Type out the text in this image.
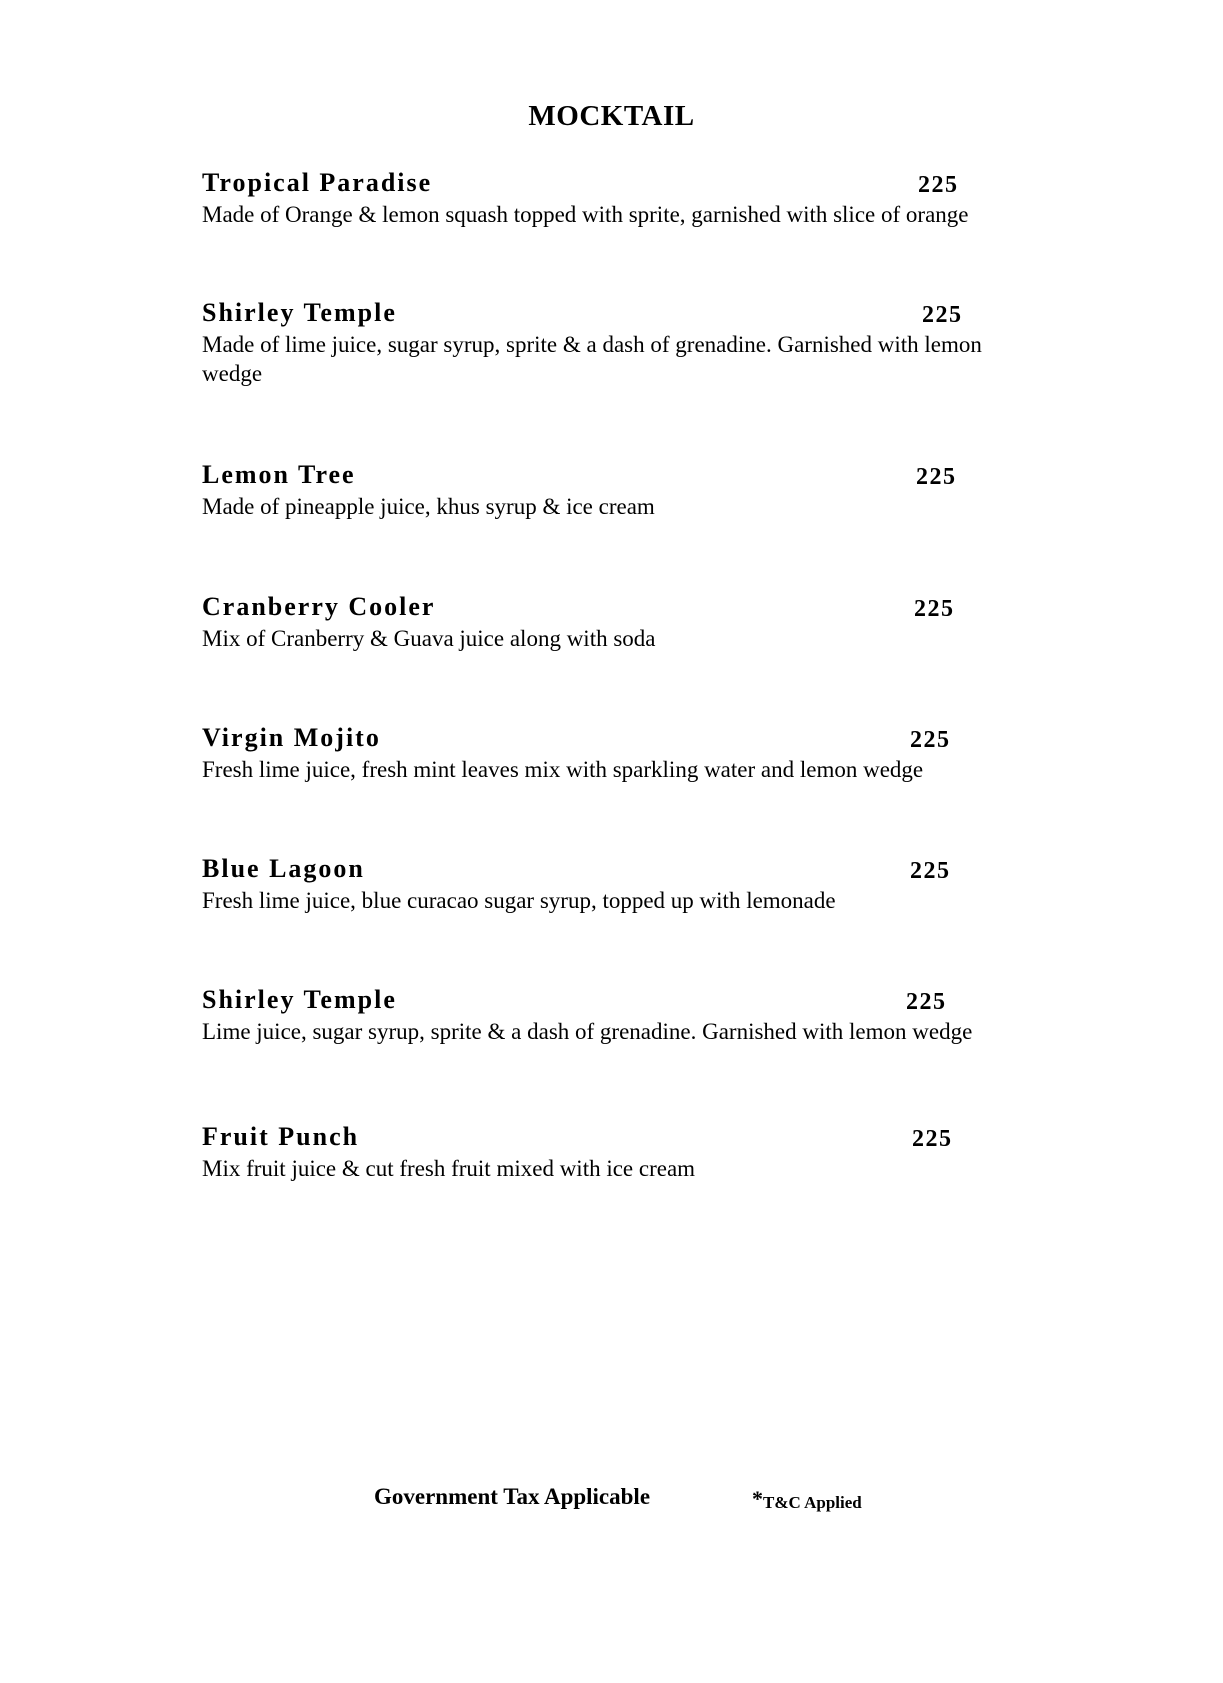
MOCKTAIL
Tropical Paradise	225
Made of Orange & lemon squash topped with sprite, garnished with slice of orange
Shirley Temple	225
Made of lime juice, sugar syrup, sprite & a dash of grenadine. Garnished with lemon wedge
Lemon Tree	225
Made of pineapple juice, khus syrup & ice cream
Cranberry Cooler	225
Mix of Cranberry & Guava juice along with soda
Virgin Mojito	225
Fresh lime juice, fresh mint leaves mix with sparkling water and lemon wedge
Blue Lagoon	225
Fresh lime juice, blue curacao sugar syrup, topped up with lemonade
Shirley Temple	225
Lime juice, sugar syrup, sprite & a dash of grenadine. Garnished with lemon wedge
Fruit Punch	225
Mix fruit juice & cut fresh fruit mixed with ice cream
Government Tax Applicable	*T&C Applied
